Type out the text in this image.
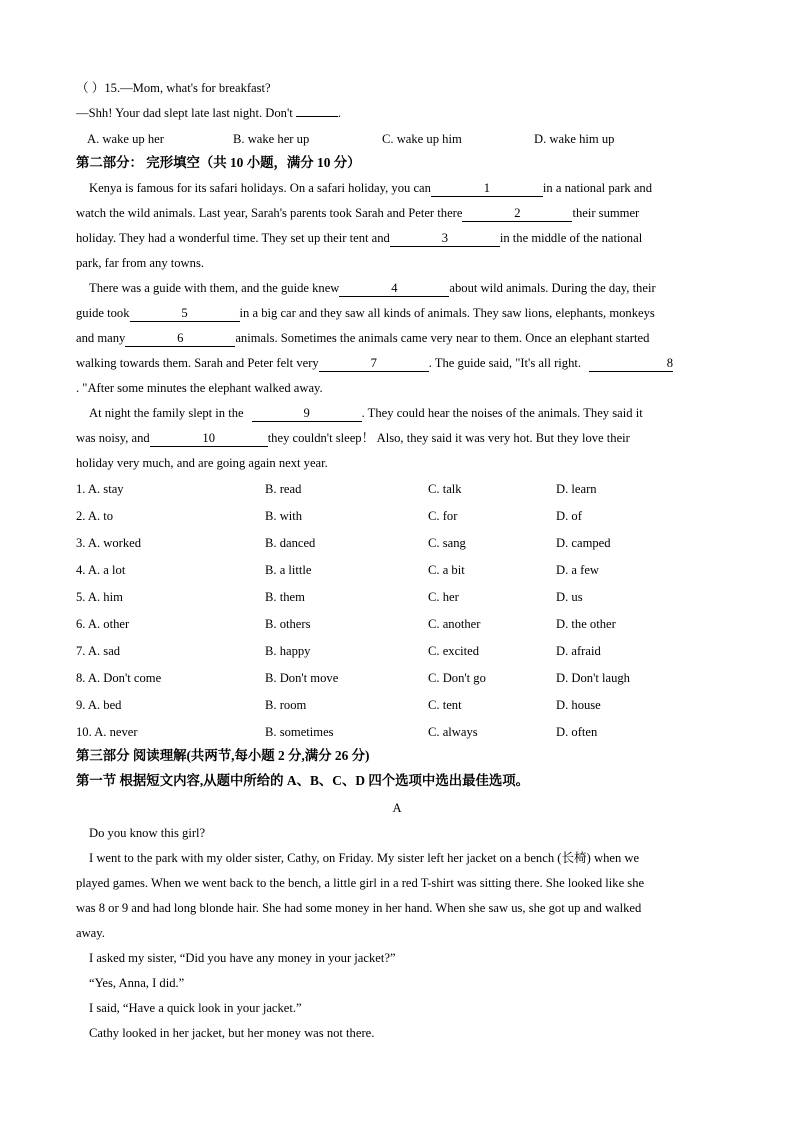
（ ）15.—Mom, what's for breakfast?
—Shh! Your dad slept late last night. Don't	.
A. wake up her	B. wake her up	C. wake up him	D. wake him up
第二部分： 完形填空（共 10 小题，满分 10 分）
Kenya is famous for its safari holidays. On a safari holiday, you can	1	in a national park and
watch the wild animals. Last year, Sarah's parents took Sarah and Peter there	2	their summer
holiday. They had a wonderful time. They set up their tent and	3	in the middle of the national
park, far from any towns.
There was a guide with them, and the guide knew	4	about wild animals. During the day, their
guide took	5	in a big car and they saw all kinds of animals. They saw lions, elephants, monkeys
and many	6	animals. Sometimes the animals came very near to them. Once an elephant started
walking towards them. Sarah and Peter felt very	7	. The guide said, "It's all right.	8
. "After some minutes the elephant walked away.
At night the family slept in the	9	. They could hear the noises of the animals. They said it
was noisy, and	10	they couldn't sleep！ Also, they said it was very hot. But they love their
holiday very much, and are going again next year.
1. A. stay	B. read	C. talk	D. learn
2. A. to	B. with	C. for	D. of
3. A. worked	B. danced	C. sang	D. camped
4. A. a lot	B. a little	C. a bit	D. a few
5. A. him	B. them	C. her	D. us
6. A. other	B. others	C. another	D. the other
7. A. sad	B. happy	C. excited	D. afraid
8. A. Don't come	B. Don't move	C. Don't go	D. Don't laugh
9. A. bed	B. room	C. tent	D. house
10. A. never	B. sometimes	C. always	D. often
第三部分 阅读理解(共两节,每小题 2 分,满分 26 分)
第一节 根据短文内容,从题中所给的 A、B、C、D 四个选项中选出最佳选项。
A
Do you know this girl?
I went to the park with my older sister, Cathy, on Friday. My sister left her jacket on a bench (长椅) when we
played games. When we went back to the bench, a little girl in a red T-shirt was sitting there. She looked like she
was 8 or 9 and had long blonde hair. She had some money in her hand. When she saw us, she got up and walked
away.
I asked my sister, “Did you have any money in your jacket?”
“Yes, Anna, I did.”
I said, “Have a quick look in your jacket.”
Cathy looked in her jacket, but her money was not there.
